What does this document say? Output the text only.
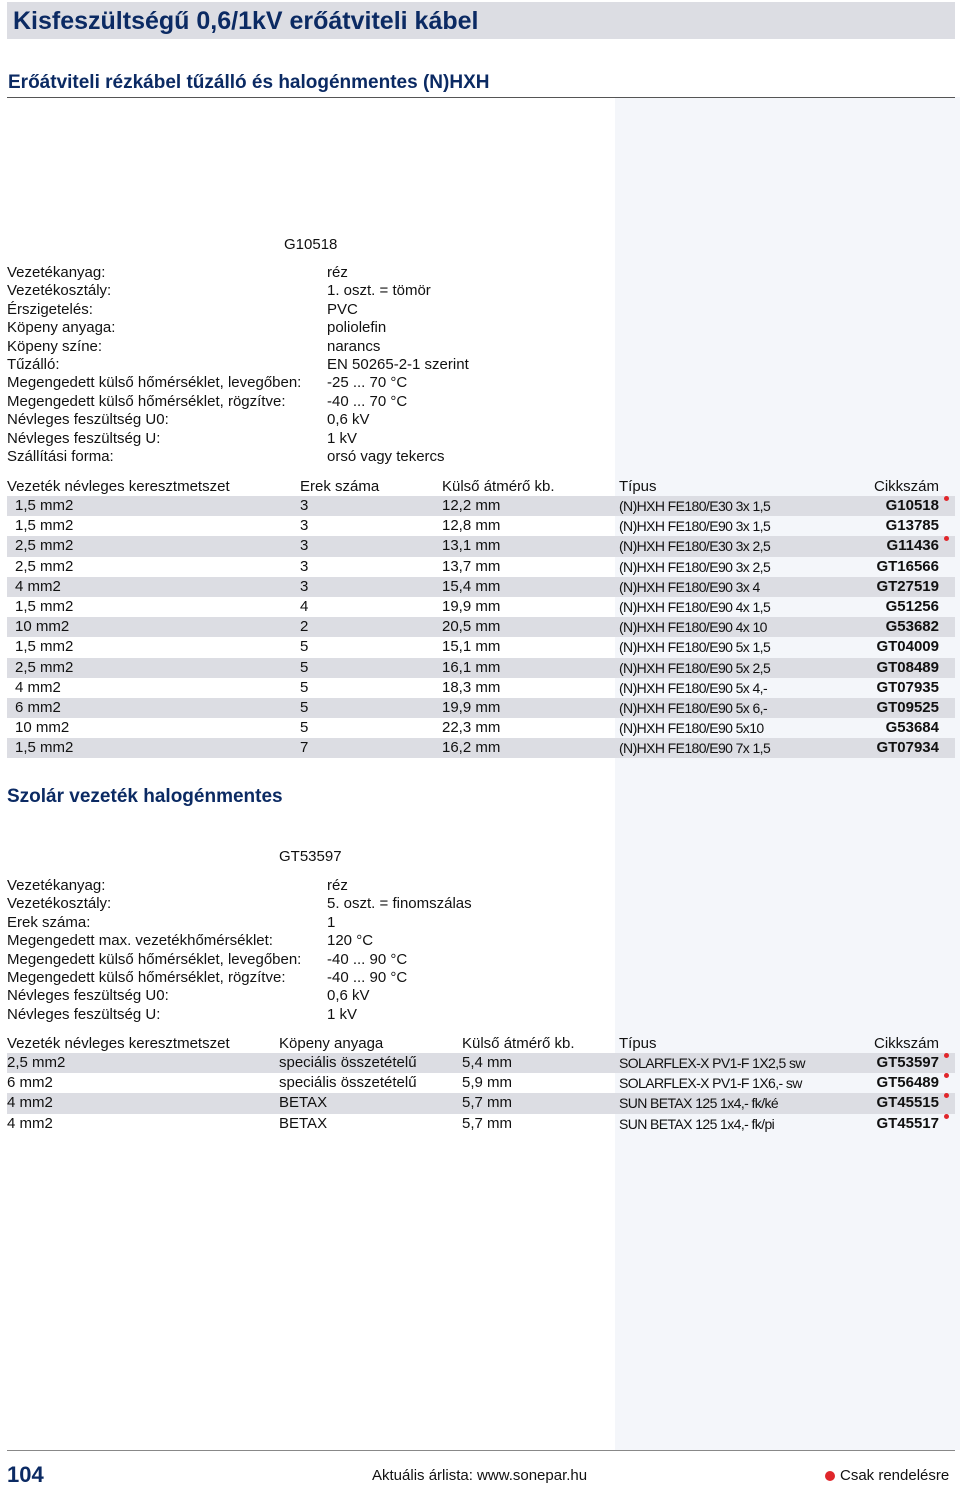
Kisfeszültségű 0,6/1kV erőátviteli kábel
Erőátviteli rézkábel tűzálló és halogénmentes (N)HXH
G10518
Vezetékanyag:	réz
Vezetékosztály:	1. oszt. = tömör
Érszigetelés:	PVC
Köpeny anyaga:	poliolefin
Köpeny színe:	narancs
Tűzálló:	EN 50265-2-1 szerint
Megengedett külső hőmérséklet, levegőben: -25 ... 70 °C
Megengedett külső hőmérséklet, rögzítve:	-40 ... 70 °C
Névleges feszültség U0:	0,6 kV
Névleges feszültség U:	1 kV
Szállítási forma:	orsó vagy tekercs
Vezeték névleges keresztmetszet	Erek száma	Külső átmérő kb.	Típus	Cikkszám
1,5 mm2	3	12,2 mm	(N)HXH FE180/E30 3x 1,5	G10518
1,5 mm2	3	12,8 mm	(N)HXH FE180/E90 3x 1,5	G13785
2,5 mm2	3	13,1 mm	(N)HXH FE180/E30 3x 2,5	G11436
2,5 mm2	3	13,7 mm	(N)HXH FE180/E90 3x 2,5	GT16566
4 mm2	3	15,4 mm	(N)HXH FE180/E90 3x 4	GT27519
1,5 mm2	4	19,9 mm	(N)HXH FE180/E90 4x 1,5	G51256
10 mm2	2	20,5 mm	(N)HXH FE180/E90 4x 10	G53682
1,5 mm2	5	15,1 mm	(N)HXH FE180/E90 5x 1,5	GT04009
2,5 mm2	5	16,1 mm	(N)HXH FE180/E90 5x 2,5	GT08489
4 mm2	5	18,3 mm	(N)HXH FE180/E90 5x 4,-	GT07935
6 mm2	5	19,9 mm	(N)HXH FE180/E90 5x 6,-	GT09525
10 mm2	5	22,3 mm	(N)HXH FE180/E90 5x10	G53684
1,5 mm2	7	16,2 mm	(N)HXH FE180/E90 7x 1,5	GT07934
Szolár vezeték halogénmentes
GT53597
Vezetékanyag:	réz
Vezetékosztály:	5. oszt. = finomszálas
Erek száma:	1
Megengedett max. vezetékhőmérséklet:	120 °C
Megengedett külső hőmérséklet, levegőben: -40 ... 90 °C
Megengedett külső hőmérséklet, rögzítve:	-40 ... 90 °C
Névleges feszültség U0:	0,6 kV
Névleges feszültség U:	1 kV
Vezeték névleges keresztmetszet	Köpeny anyaga	Külső átmérő kb.	Típus	Cikkszám
2,5 mm2	speciális összetételű	5,4 mm	SOLARFLEX-X PV1-F 1X2,5 sw	GT53597
6 mm2	speciális összetételű	5,9 mm	SOLARFLEX-X PV1-F 1X6,- sw	GT56489
4 mm2	BETAX	5,7 mm	SUN BETAX 125 1x4,- fk/ké	GT45515
4 mm2	BETAX	5,7 mm	SUN BETAX 125 1x4,- fk/pi	GT45517
104	Aktuális árlista: www.sonepar.hu	Csak rendelésre
